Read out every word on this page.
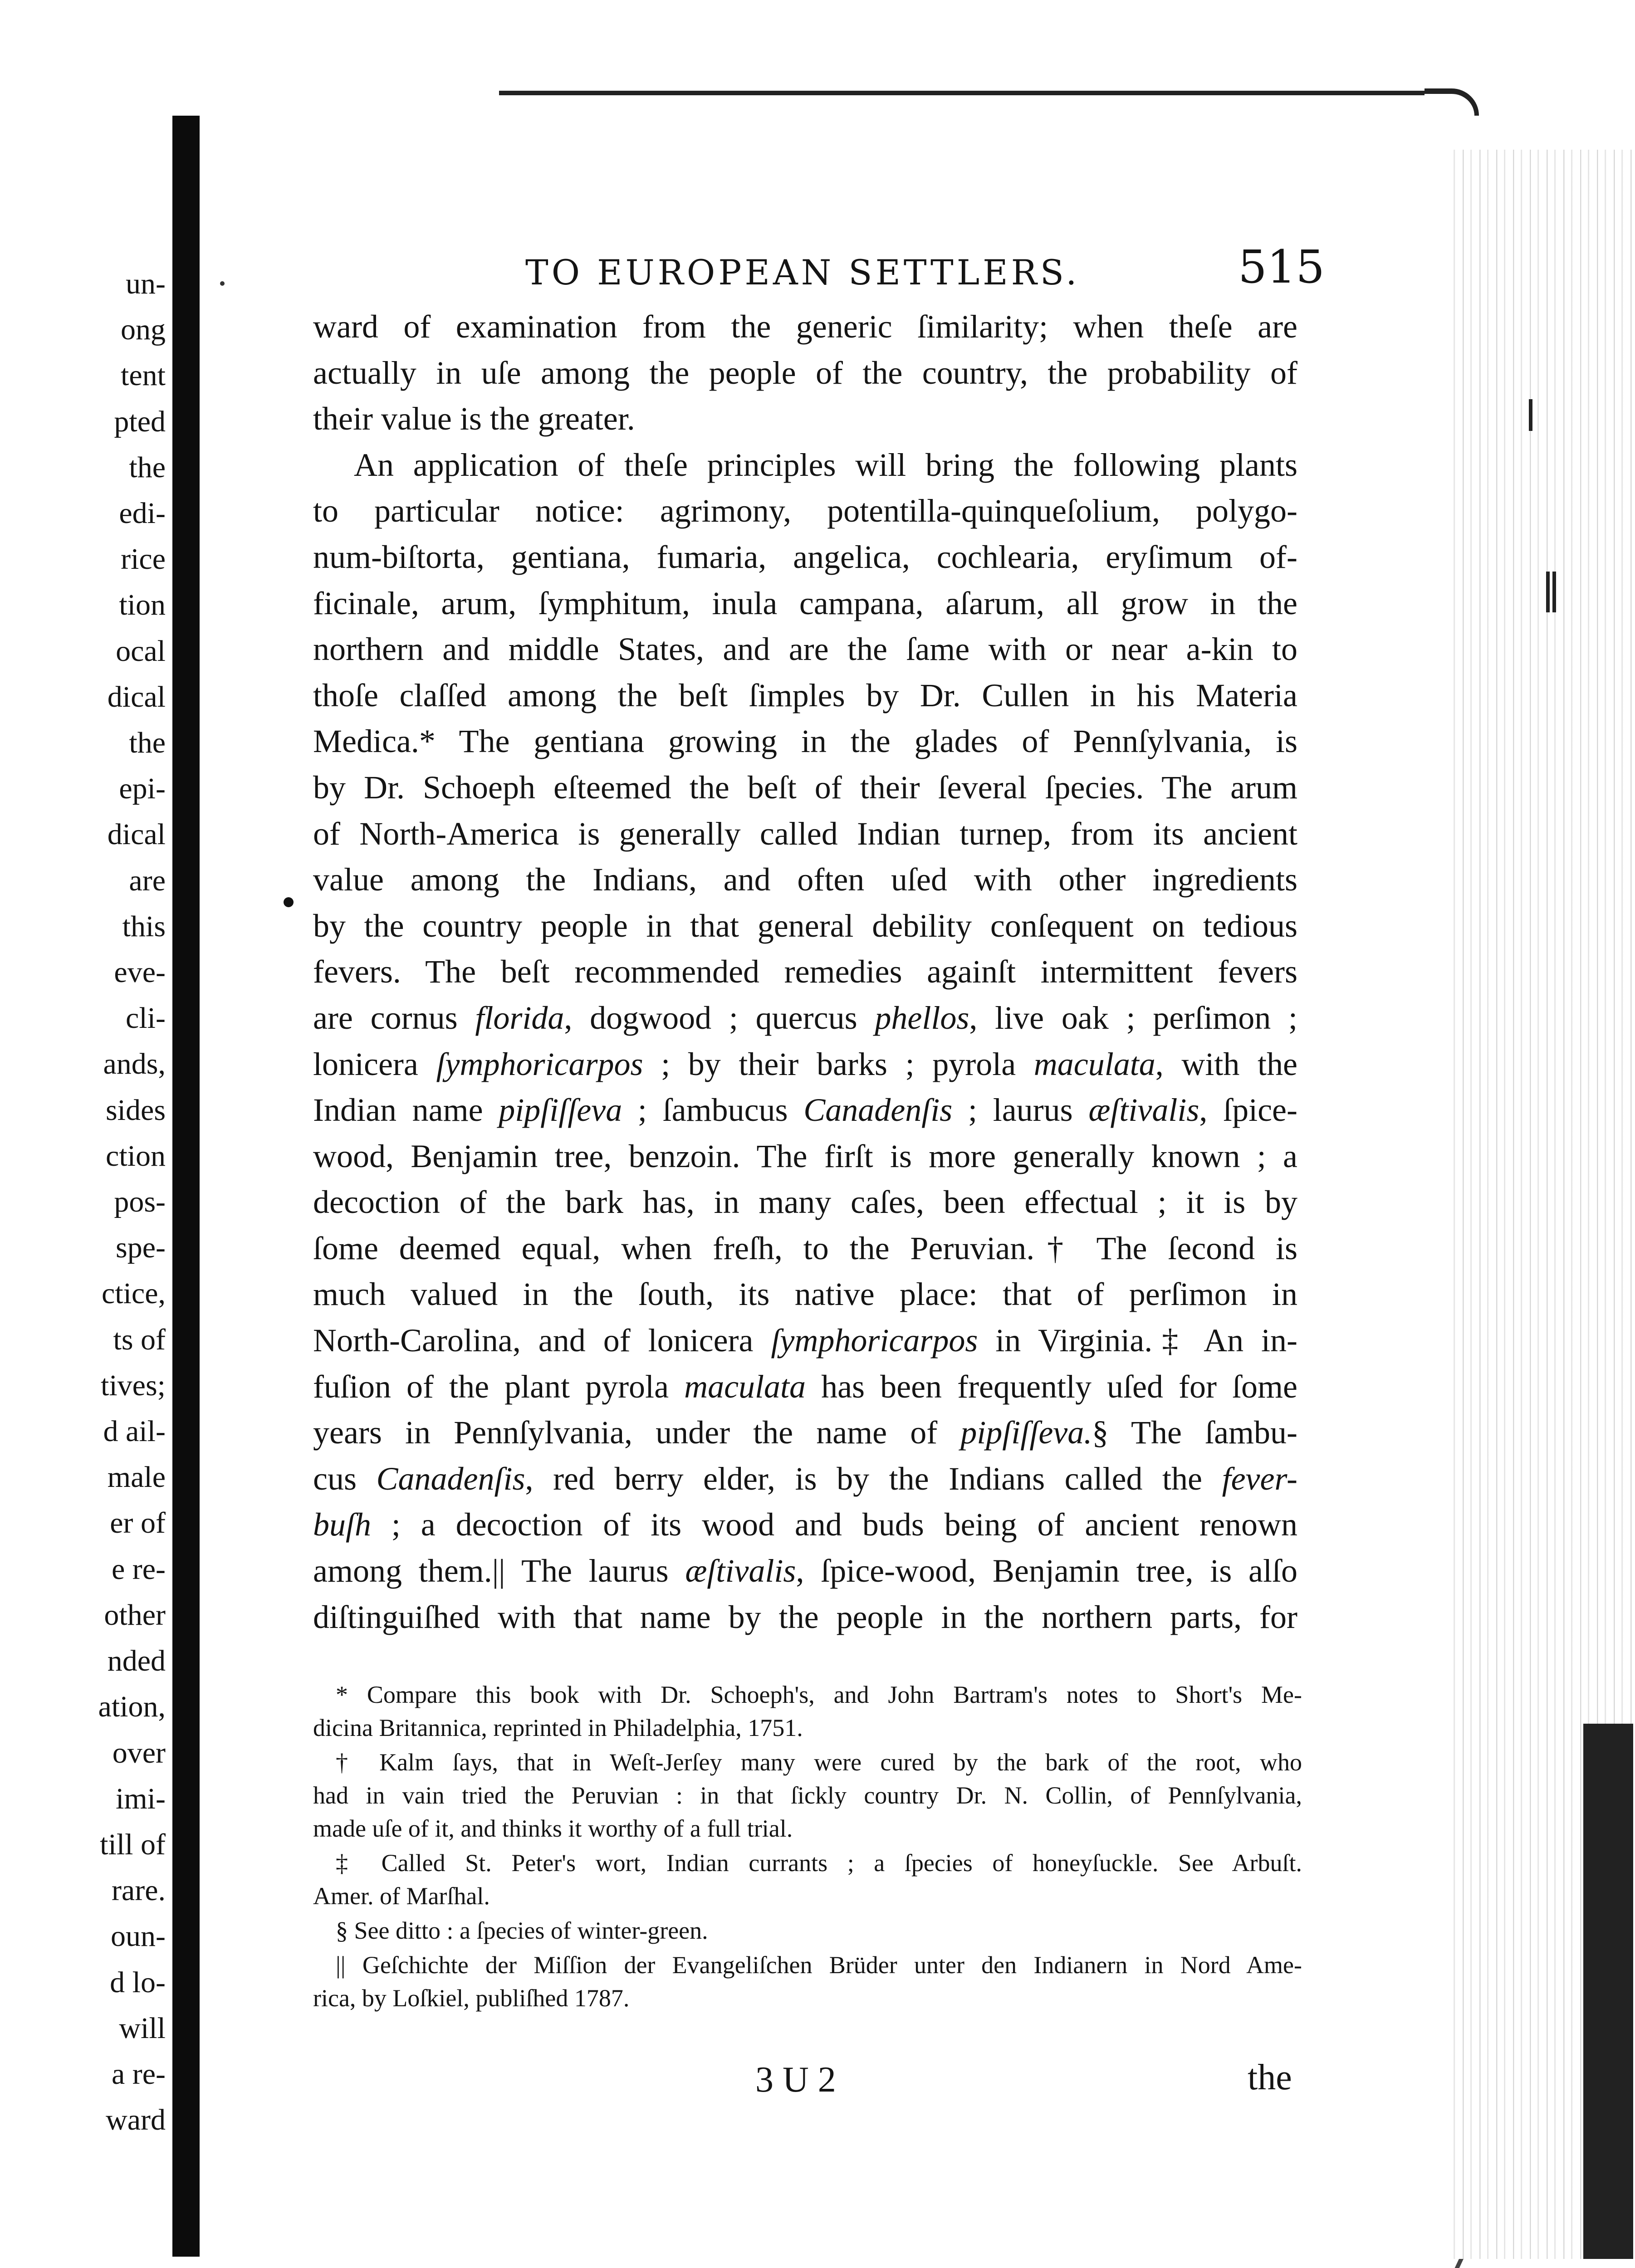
un-
ong
tent
pted
the
edi-
rice
tion
ocal
dical
the
epi-
dical
are
this
eve-
cli-
ands,
sides
ction
pos-
spe-
ctice,
ts of
tives;
d ail-
male
er of
e re-
other
nded
ation,
over
imi-
till of
rare.
oun-
d lo-
will
a re-
ward
TO EUROPEAN SETTLERS.	515

ward of examination from the generic ſimilarity; when theſe are

actually in uſe among the people of the country, the probability of

their value is the greater.

An application of theſe principles will bring the following plants

to particular notice: agrimony, potentilla-quinqueſolium, polygo-

num-biſtorta, gentiana, fumaria, angelica, cochlearia, eryſimum of-

ficinale, arum, ſymphitum, inula campana, aſarum, all grow in the

northern and middle States, and are the ſame with or near a-kin to

thoſe claſſed among the beſt ſimples by Dr. Cullen in his Materia

Medica.* The gentiana growing in the glades of Pennſylvania, is

by Dr. Schoeph eſteemed the beſt of their ſeveral ſpecies. The arum

of North-America is generally called Indian turnep, from its ancient

value among the Indians, and often uſed with other ingredients

by the country people in that general debility conſequent on tedious

fevers. The beſt recommended remedies againſt intermittent fevers

are cornus florida, dogwood ; quercus phellos, live oak ; perſimon ;

lonicera ſymphoricarpos ; by their barks ; pyrola maculata, with the

Indian name pipſiſſeva ; ſambucus Canadenſis ; laurus æſtivalis, ſpice-

wood, Benjamin tree, benzoin. The firſt is more generally known ; a

decoction of the bark has, in many caſes, been effectual ; it is by

ſome deemed equal, when freſh, to the Peruvian.† The ſecond is

much valued in the ſouth, its native place: that of perſimon in

North-Carolina, and of lonicera ſymphoricarpos in Virginia.‡ An in-

fuſion of the plant pyrola maculata has been frequently uſed for ſome

years in Pennſylvania, under the name of pipſiſſeva.§ The ſambu-

cus Canadenſis, red berry elder, is by the Indians called the fever-

buſh ; a decoction of its wood and buds being of ancient renown

among them.|| The laurus æſtivalis, ſpice-wood, Benjamin tree, is alſo

diſtinguiſhed with that name by the people in the northern parts, for

* Compare this book with Dr. Schoeph's, and John Bartram's notes to Short's Me-
dicina Britannica, reprinted in Philadelphia, 1751.
† Kalm ſays, that in Weſt-Jerſey many were cured by the bark of the root, who
had in vain tried the Peruvian : in that ſickly country Dr. N. Collin, of Pennſylvania,
made uſe of it, and thinks it worthy of a full trial.
‡ Called St. Peter's wort, Indian currants ; a ſpecies of honeyſuckle. See Arbuſt.
Amer. of Marſhal.
§ See ditto : a ſpecies of winter-green.
|| Geſchichte der Miſſion der Evangeliſchen Brüder unter den Indianern in Nord Ame-
rica, by Loſkiel, publiſhed 1787.
3 U 2	the
